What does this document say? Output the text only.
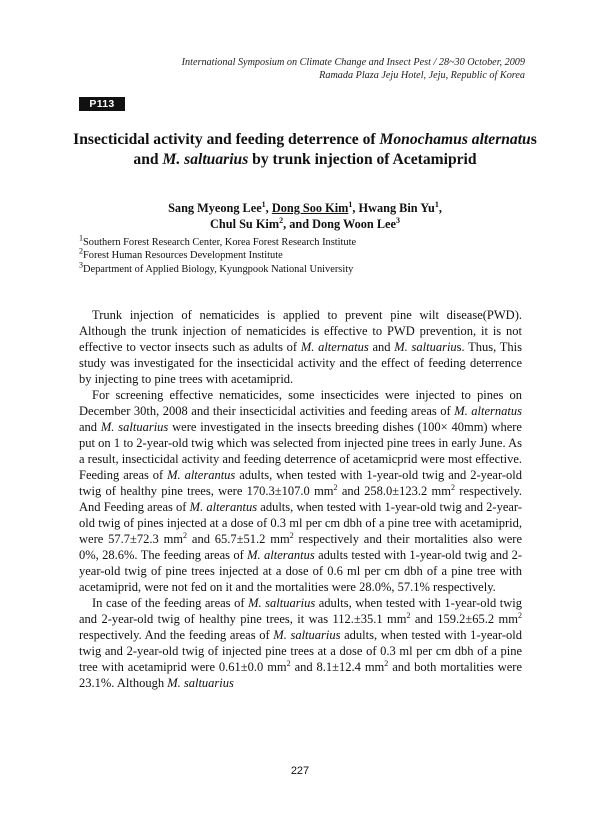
International Symposium on Climate Change and Insect Pest / 28~30 October, 2009
Ramada Plaza Jeju Hotel, Jeju, Republic of Korea
P113
Insecticidal activity and feeding deterrence of Monochamus alternatus and M. saltuarius by trunk injection of Acetamiprid
Sang Myeong Lee$^1$, Dong Soo Kim$^1$, Hwang Bin Yu$^1$,
Chul Su Kim$^2$, and Dong Woon Lee$^3$
$^1$Southern Forest Research Center, Korea Forest Research Institute
$^2$Forest Human Resources Development Institute
$^3$Department of Applied Biology, Kyungpook National University

Trunk injection of nematicides is applied to prevent pine wilt disease(PWD). Although the trunk injection of nematicides is effective to PWD prevention, it is not effective to vector insects such as adults of M. alternatus and M. saltuarius. Thus, This study was investigated for the insecticidal activity and the effect of feeding deterrence by injecting to pine trees with acetamiprid.

For screening effective nematicides, some insecticides were injected to pines on December 30th, 2008 and their insecticidal activities and feeding areas of M. alternatus and M. saltuarius were investigated in the insects breeding dishes (100× 40mm) where put on 1 to 2-year-old twig which was selected from injected pine trees in early June. As a result, insecticidal activity and feeding deterrence of acetamicprid were most effective. Feeding areas of M. alterantus adults, when tested with 1-year-old twig and 2-year-old twig of healthy pine trees, were 170.3±107.0 $mm^2$ and 258.0±123.2 $mm^2$ respectively. And Feeding areas of M. alterantus adults, when tested with 1-year-old twig and 2-year-old twig of pines injected at a dose of 0.3 ml per cm dbh of a pine tree with acetamiprid, were 57.7±72.3 $mm^2$ and 65.7±51.2 $mm^2$ respectively and their mortalities also were 0%, 28.6%. The feeding areas of M. alterantus adults tested with 1-year-old twig and 2-year-old twig of pine trees injected at a dose of 0.6 ml per cm dbh of a pine tree with acetamiprid, were not fed on it and the mortalities were 28.0%, 57.1% respectively.

In case of the feeding areas of M. saltuarius adults, when tested with 1-year-old twig and 2-year-old twig of healthy pine trees, it was 112.±35.1 $mm^2$ and 159.2±65.2 $mm^2$ respectively. And the feeding areas of M. saltuarius adults, when tested with 1-year-old twig and 2-year-old twig of injected pine trees at a dose of 0.3 ml per cm dbh of a pine tree with acetamiprid were 0.61±0.0 $mm^2$ and 8.1±12.4 $mm^2$ and both mortalities were 23.1%. Although M. saltuarius

227
